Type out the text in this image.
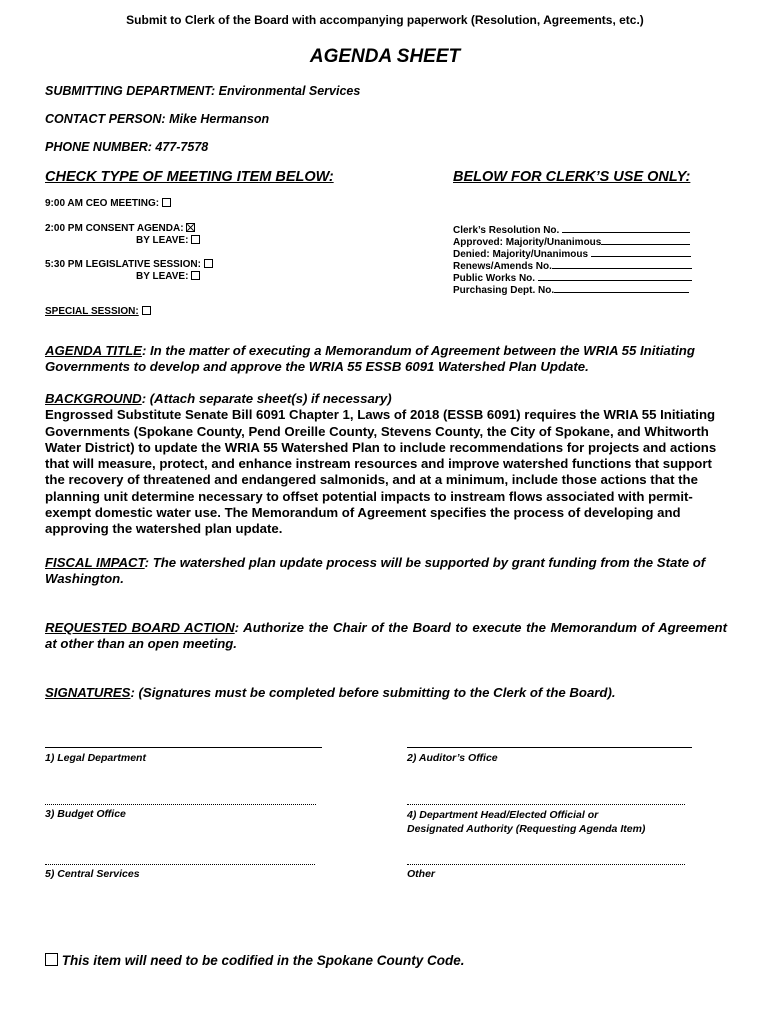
Submit to Clerk of the Board with accompanying paperwork (Resolution, Agreements, etc.)
AGENDA SHEET
SUBMITTING DEPARTMENT: Environmental Services
CONTACT PERSON: Mike Hermanson
PHONE NUMBER: 477-7578
CHECK TYPE OF MEETING ITEM BELOW:	BELOW FOR CLERK’S USE ONLY:
9:00 AM CEO MEETING:
2:00 PM CONSENT AGENDA:
BY LEAVE:
5:30 PM LEGISLATIVE SESSION:
BY LEAVE:
SPECIAL SESSION:
Clerk’s Resolution No.
Approved: Majority/Unanimous
Denied: Majority/Unanimous
Renews/Amends No.
Public Works No.
Purchasing Dept. No.
AGENDA TITLE: In the matter of executing a Memorandum of Agreement between the WRIA 55 Initiating Governments to develop and approve the WRIA 55 ESSB 6091 Watershed Plan Update.
BACKGROUND: (Attach separate sheet(s) if necessary)
Engrossed Substitute Senate Bill 6091 Chapter 1, Laws of 2018 (ESSB 6091) requires the WRIA 55 Initiating Governments (Spokane County, Pend Oreille County, Stevens County, the City of Spokane, and Whitworth Water District) to update the WRIA 55 Watershed Plan to include recommendations for projects and actions that will measure, protect, and enhance instream resources and improve watershed functions that support the recovery of threatened and endangered salmonids, and at a minimum, include those actions that the planning unit determine necessary to offset potential impacts to instream flows associated with permit-exempt domestic water use. The Memorandum of Agreement specifies the process of developing and approving the watershed plan update.
FISCAL IMPACT: The watershed plan update process will be supported by grant funding from the State of Washington.
REQUESTED BOARD ACTION: Authorize the Chair of the Board to execute the Memorandum of Agreement at other than an open meeting.
SIGNATURES: (Signatures must be completed before submitting to the Clerk of the Board).
1) Legal Department	2) Auditor’s Office
3) Budget Office	4) Department Head/Elected Official or
Designated Authority (Requesting Agenda Item)
5) Central Services	Other
This item will need to be codified in the Spokane County Code.
